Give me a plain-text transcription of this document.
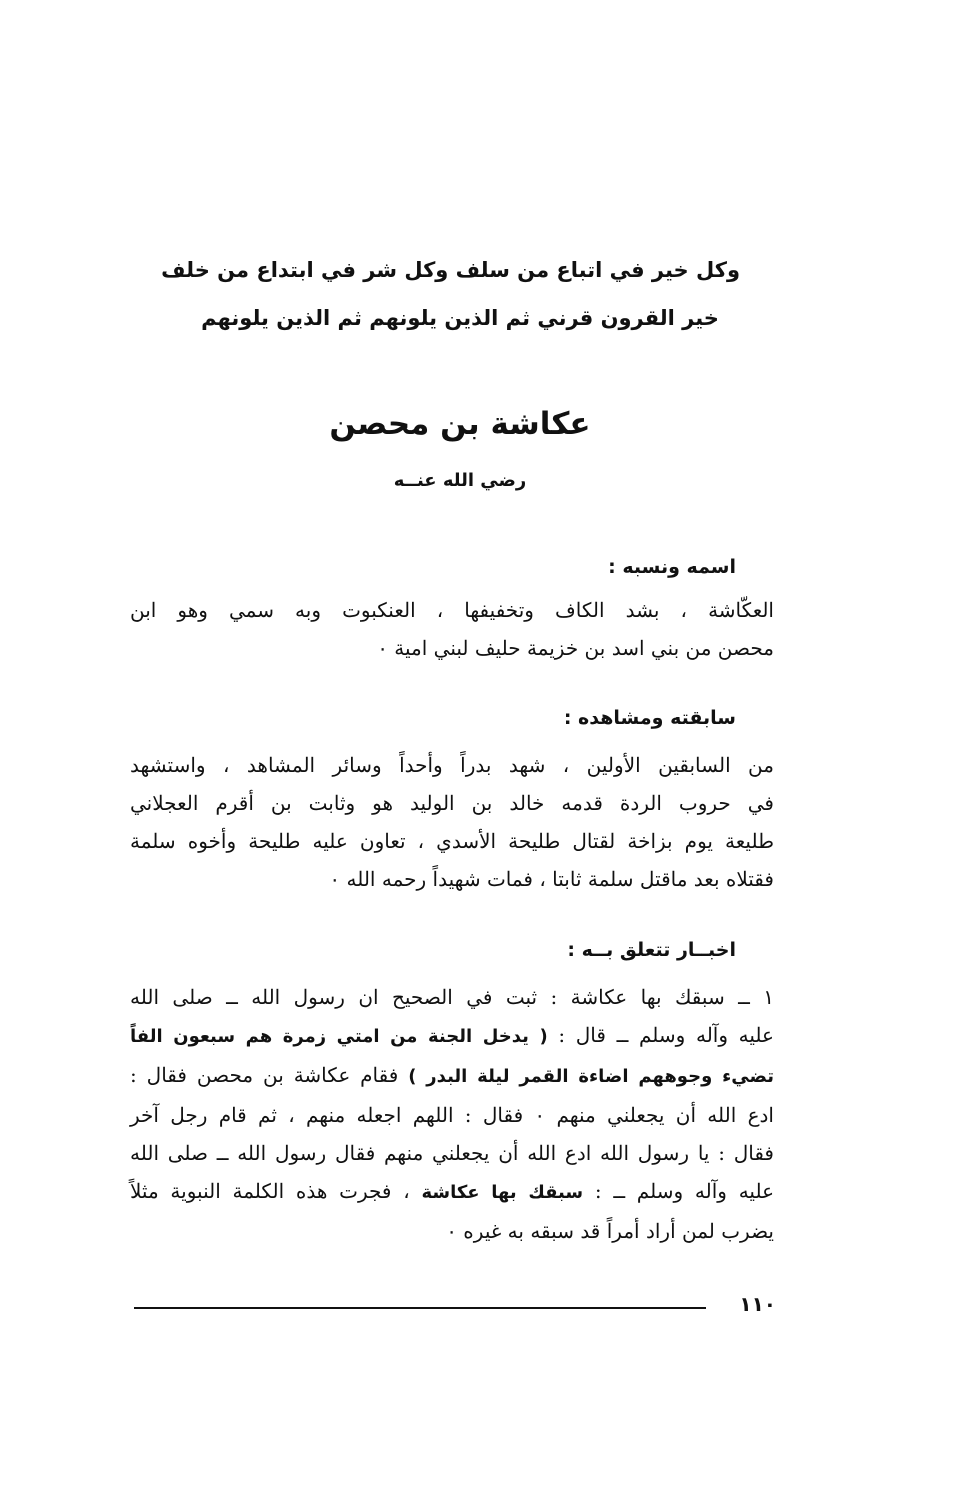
وكل خير في اتباع من سلف وكل شر في ابتداع من خلف
خير القرون قرني ثم الذين يلونهم ثم الذين يلونهم
عكاشة بن محصن
رضي الله عنــه
اسمه ونسبه :
العكّاشة ، بشد الكاف وتخفيفها ، العنكبوت وبه سمي وهو ابن
محصن من بني اسد بن خزيمة حليف لبني امية ٠
سابقته ومشاهده :
من السابقين الأولين ، شهد بدراً وأحداً وسائر المشاهد ، واستشهد
في حروب الردة قدمه خالد بن الوليد هو وثابت بن أقرم العجلاني
طليعة يوم بزاخة لقتال طليحة الأسدي ، تعاون عليه طليحة وأخوه سلمة
فقتلاه بعد ماقتل سلمة ثابتا ، فمات شهيداً رحمه الله ٠
اخبــار تتعلق بــه :
١ ــ سبقك بها عكاشة : ثبت في الصحيح ان رسول الله ــ صلى الله
عليه وآله وسلم ــ قال : ( يدخل الجنة من امتي زمرة هم سبعون الفاً
تضيء وجوههم اضاءة القمر ليلة البدر ) فقام عكاشة بن محصن فقال :
ادع الله أن يجعلني منهم ٠ فقال : اللهم اجعله منهم ، ثم قام رجل آخر
فقال : يا رسول الله ادع الله أن يجعلني منهم فقال رسول الله ــ صلى الله
عليه وآله وسلم ــ : سبقك بها عكاشة ، فجرت هذه الكلمة النبوية مثلاً
يضرب لمن أراد أمراً قد سبقه به غيره ٠
١١٠
